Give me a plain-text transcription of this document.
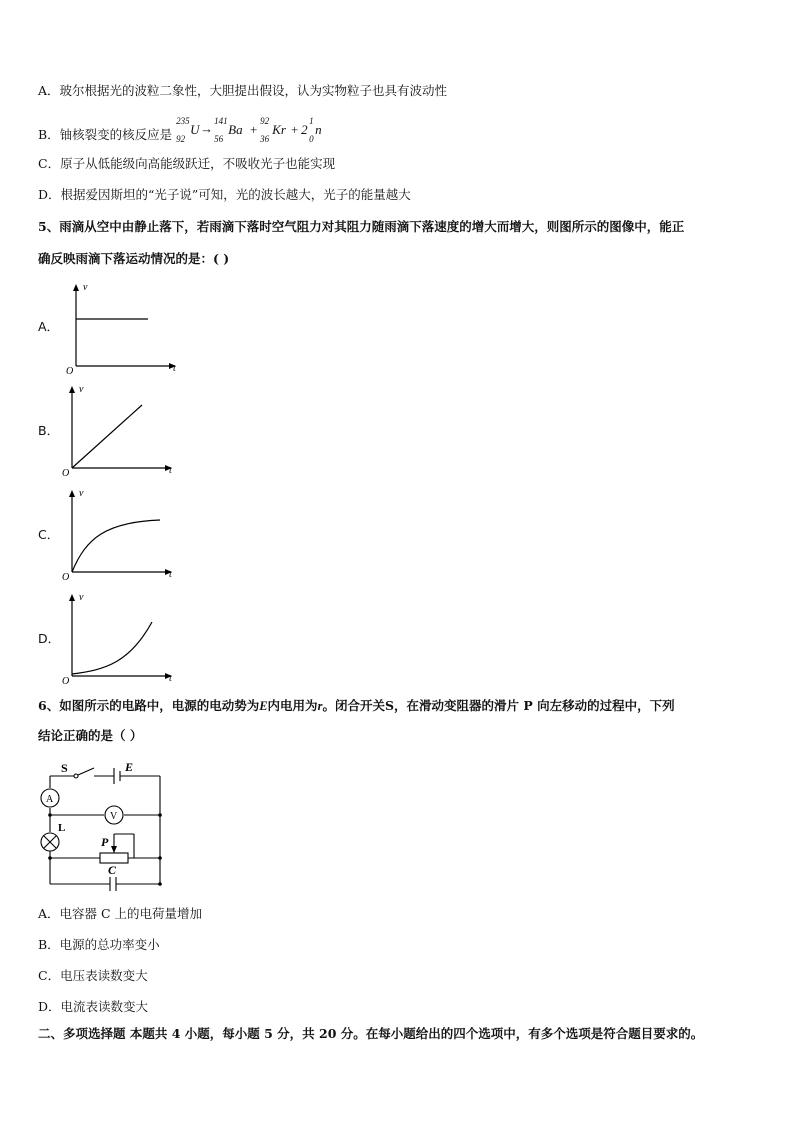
A．玻尔根据光的波粒二象性，大胆提出假设，认为实物粒子也具有波动性
B．铀核裂变的核反应是
235
92
U → 141
56
Ba +
92
36
Kr + 2
1
0
n
C．原子从低能级向高能级跃迁，不吸收光子也能实现
D．根据爱因斯坦的“光子说”可知，光的波长越大，光子的能量越大
5、雨滴从空中由静止落下，若雨滴下落时空气阻力对其阻力随雨滴下落速度的增大而增大，则图所示的图像中，能正
确反映雨滴下落运动情况的是：( )
A．
v
t
O
B．
v
t
O
C．
v
t
O
D．
v
t
O
6、如图所示的电路中，电源的电动势为E内电用为r。闭合开关S，在滑动变阻器的滑片 P 向左移动的过程中，下列
结论正确的是（ ）
S	E
A
V
L
P
C
A．电容器 C 上的电荷量增加
B．电源的总功率变小
C．电压表读数变大
D．电流表读数变大
二、多项选择题 本题共 4 小题，每小题 5 分，共 20 分。在每小题给出的四个选项中，有多个选项是符合题目要求的。
